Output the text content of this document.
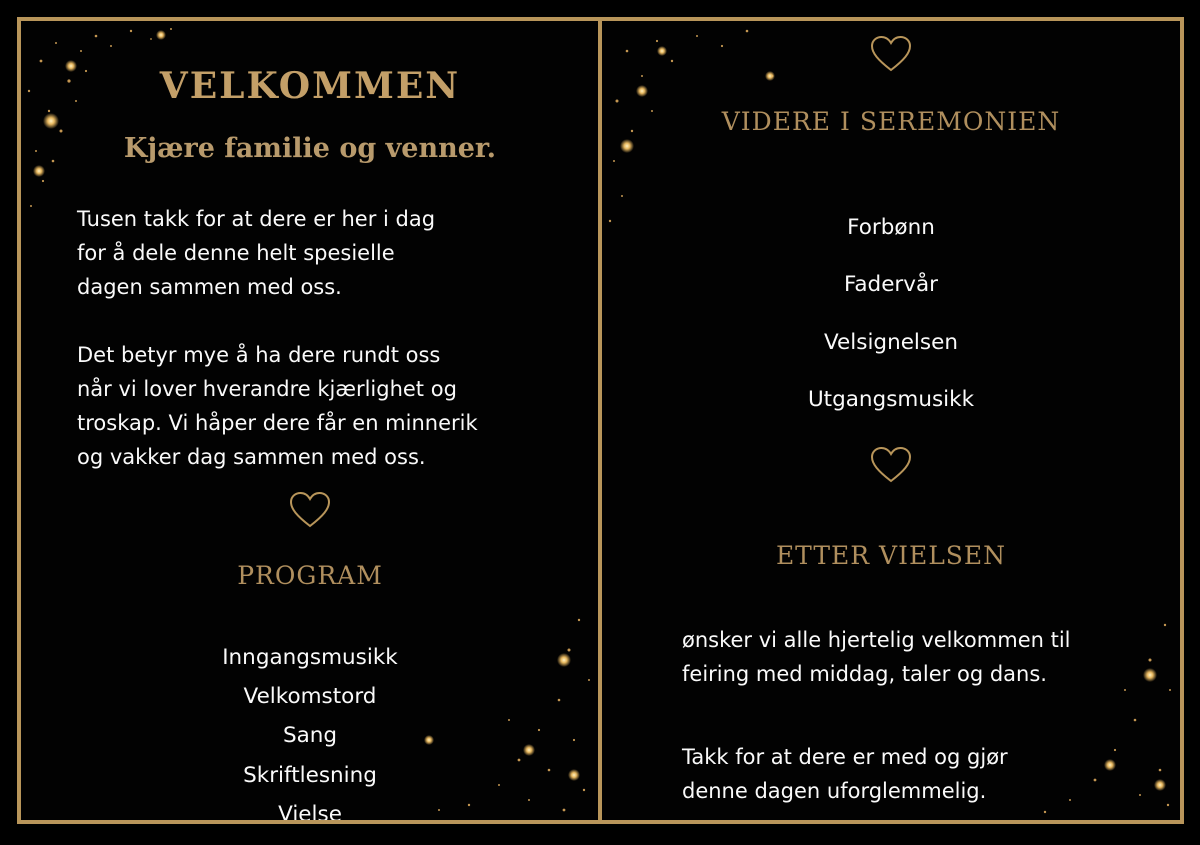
VELKOMMEN
Kjære familie og venner.

Tusen takk for at dere er her i dag
for å dele denne helt spesielle
dagen sammen med oss.

Det betyr mye å ha dere rundt oss
når vi lover hverandre kjærlighet og
troskap. Vi håper dere får en minnerik
og vakker dag sammen med oss.

PROGRAM
Inngangsmusikk
Velkomstord
Sang
Skriftlesning
Vielse
VIDERE I SEREMONIEN
Forbønn
Fadervår
Velsignelsen
Utgangsmusikk
ETTER VIELSEN

ønsker vi alle hjertelig velkommen til
feiring med middag, taler og dans.

Takk for at dere er med og gjør
denne dagen uforglemmelig.
